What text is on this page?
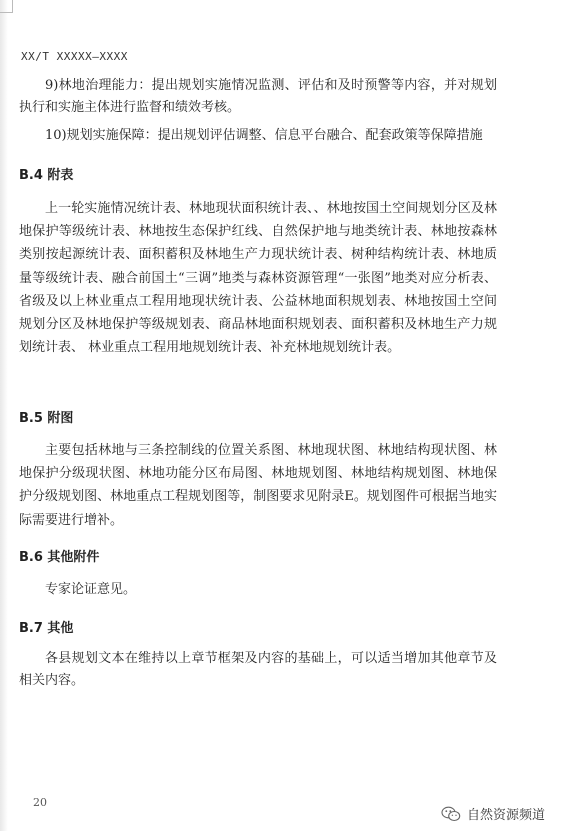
XX/T XXXXX—XXXX

9)林地治理能力：提出规划实施情况监测、评估和及时预警等内容，并对规划执行和实施主体进行监督和绩效考核。

10)规划实施保障：提出规划评估调整、信息平台融合、配套政策等保障措施

B.4 附表

上一轮实施情况统计表、林地现状面积统计表、、林地按国土空间规划分区及林地保护等级统计表、林地按生态保护红线、自然保护地与地类统计表、林地按森林类别按起源统计表、面积蓄积及林地生产力现状统计表、树种结构统计表、林地质量等级统计表、融合前国土“三调”地类与森林资源管理“一张图”地类对应分析表、省级及以上林业重点工程用地现状统计表、公益林地面积规划表、林地按国土空间规划分区及林地保护等级规划表、商品林地面积规划表、面积蓄积及林地生产力规划统计表、 林业重点工程用地规划统计表、补充林地规划统计表。

B.5 附图

主要包括林地与三条控制线的位置关系图、林地现状图、林地结构现状图、林地保护分级现状图、林地功能分区布局图、林地规划图、林地结构规划图、林地保护分级规划图、林地重点工程规划图等，制图要求见附录E。规划图件可根据当地实际需要进行增补。

B.6 其他附件

专家论证意见。

B.7 其他

各县规划文本在维持以上章节框架及内容的基础上，可以适当增加其他章节及相关内容。

20
自然资源频道
